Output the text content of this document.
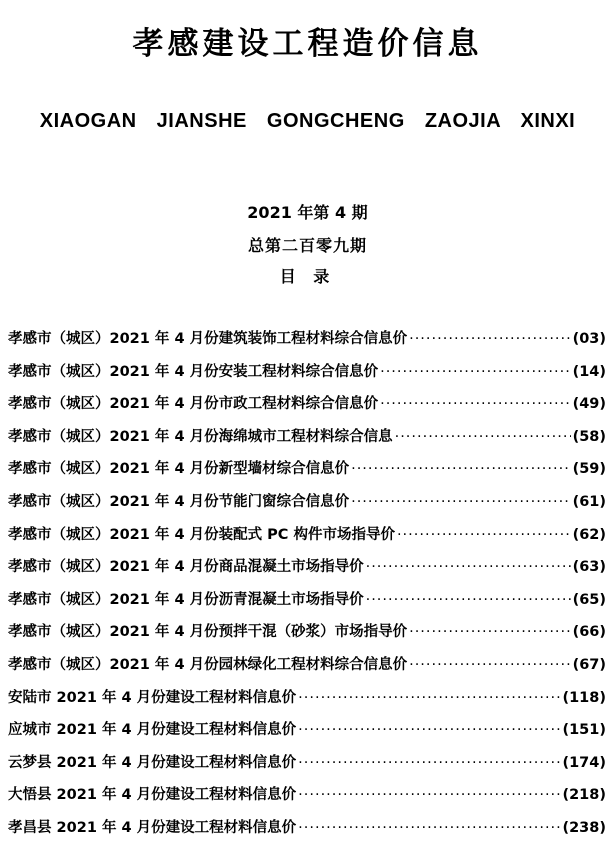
孝感建设工程造价信息
XIAOGAN JIANSHE GONGCHENG ZAOJIA XINXI
2021 年第 4 期
总第二百零九期
目 录
孝感市（城区）2021 年 4 月份建筑装饰工程材料综合信息价 ·····	(03)
孝感市（城区）2021 年 4 月份安装工程材料综合信息价 ·····	(14)
孝感市（城区）2021 年 4 月份市政工程材料综合信息价 ·····	(49)
孝感市（城区）2021 年 4 月份海绵城市工程材料综合信息 ·····	(58)
孝感市（城区）2021 年 4 月份新型墙材综合信息价 ·····	(59)
孝感市（城区）2021 年 4 月份节能门窗综合信息价 ·····	(61)
孝感市（城区）2021 年 4 月份装配式 PC 构件市场指导价 ·····	(62)
孝感市（城区）2021 年 4 月份商品混凝土市场指导价 ·····	(63)
孝感市（城区）2021 年 4 月份沥青混凝土市场指导价 ·····	(65)
孝感市（城区）2021 年 4 月份预拌干混（砂浆）市场指导价 ·····	(66)
孝感市（城区）2021 年 4 月份园林绿化工程材料综合信息价 ·····	(67)
安陆市 2021 年 4 月份建设工程材料信息价 ·····	(118)
应城市 2021 年 4 月份建设工程材料信息价 ·····	(151)
云梦县 2021 年 4 月份建设工程材料信息价 ·····	(174)
大悟县 2021 年 4 月份建设工程材料信息价 ·····	(218)
孝昌县 2021 年 4 月份建设工程材料信息价 ·····	(238)
